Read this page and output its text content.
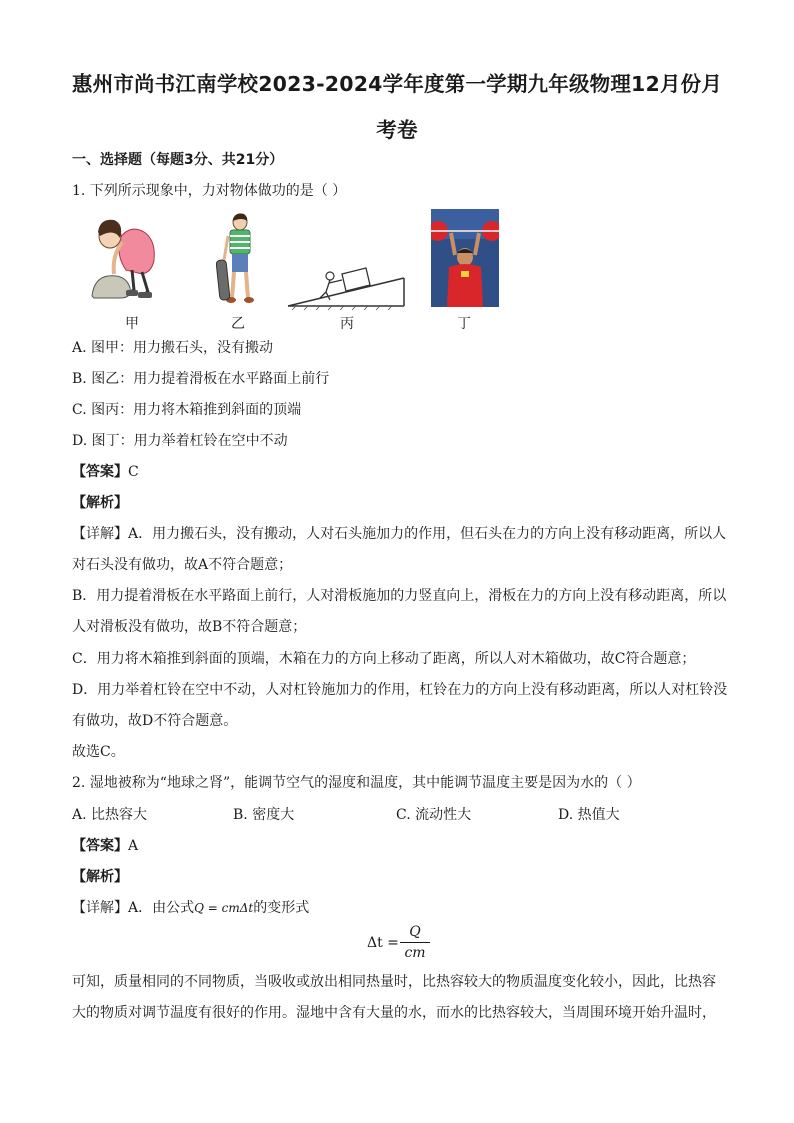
惠州市尚书江南学校2023-2024学年度第一学期九年级物理12月份月
考卷
一、选择题（每题3分、共21分）
1. 下列所示现象中，力对物体做功的是（ ）
甲	乙	丙	丁
A. 图甲：用力搬石头，没有搬动
B. 图乙：用力提着滑板在水平路面上前行
C. 图丙：用力将木箱推到斜面的顶端
D. 图丁：用力举着杠铃在空中不动
【答案】C
【解析】
【详解】A．用力搬石头，没有搬动，人对石头施加力的作用，但石头在力的方向上没有移动距离，所以人
对石头没有做功，故A不符合题意；
B．用力提着滑板在水平路面上前行，人对滑板施加的力竖直向上，滑板在力的方向上没有移动距离，所以
人对滑板没有做功，故B不符合题意；
C．用力将木箱推到斜面的顶端，木箱在力的方向上移动了距离，所以人对木箱做功，故C符合题意；
D．用力举着杠铃在空中不动，人对杠铃施加力的作用，杠铃在力的方向上没有移动距离，所以人对杠铃没
有做功，故D不符合题意。
故选C。
2. 湿地被称为“地球之肾”，能调节空气的湿度和温度，其中能调节温度主要是因为水的（ ）
A. 比热容大	B. 密度大	C. 流动性大	D. 热值大
【答案】A
【解析】
【详解】A．由公式Q = cmΔt的变形式
Δt =
Q
cm
可知，质量相同的不同物质，当吸收或放出相同热量时，比热容较大的物质温度变化较小，因此，比热容
大的物质对调节温度有很好的作用。湿地中含有大量的水，而水的比热容较大，当周围环境开始升温时，
